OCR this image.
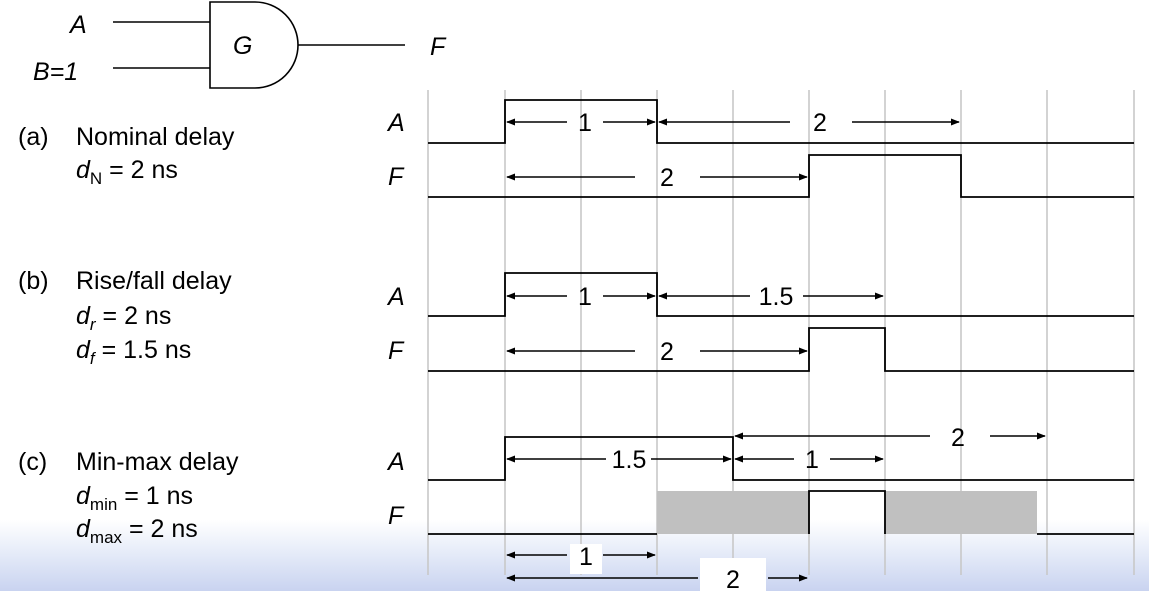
A
B=1
G	F
(a) Nominal delay
$d_N = 2$ ns
A
F
1	2
2
(b) Rise/fall delay
$d_r = 2$ ns
$d_f = 1.5$ ns
A
F
1	1.5
2
(c) Min-max delay
$d_{min} = 1$ ns
$d_{max} = 2$ ns
A
F
1.5	1
2
1
2
